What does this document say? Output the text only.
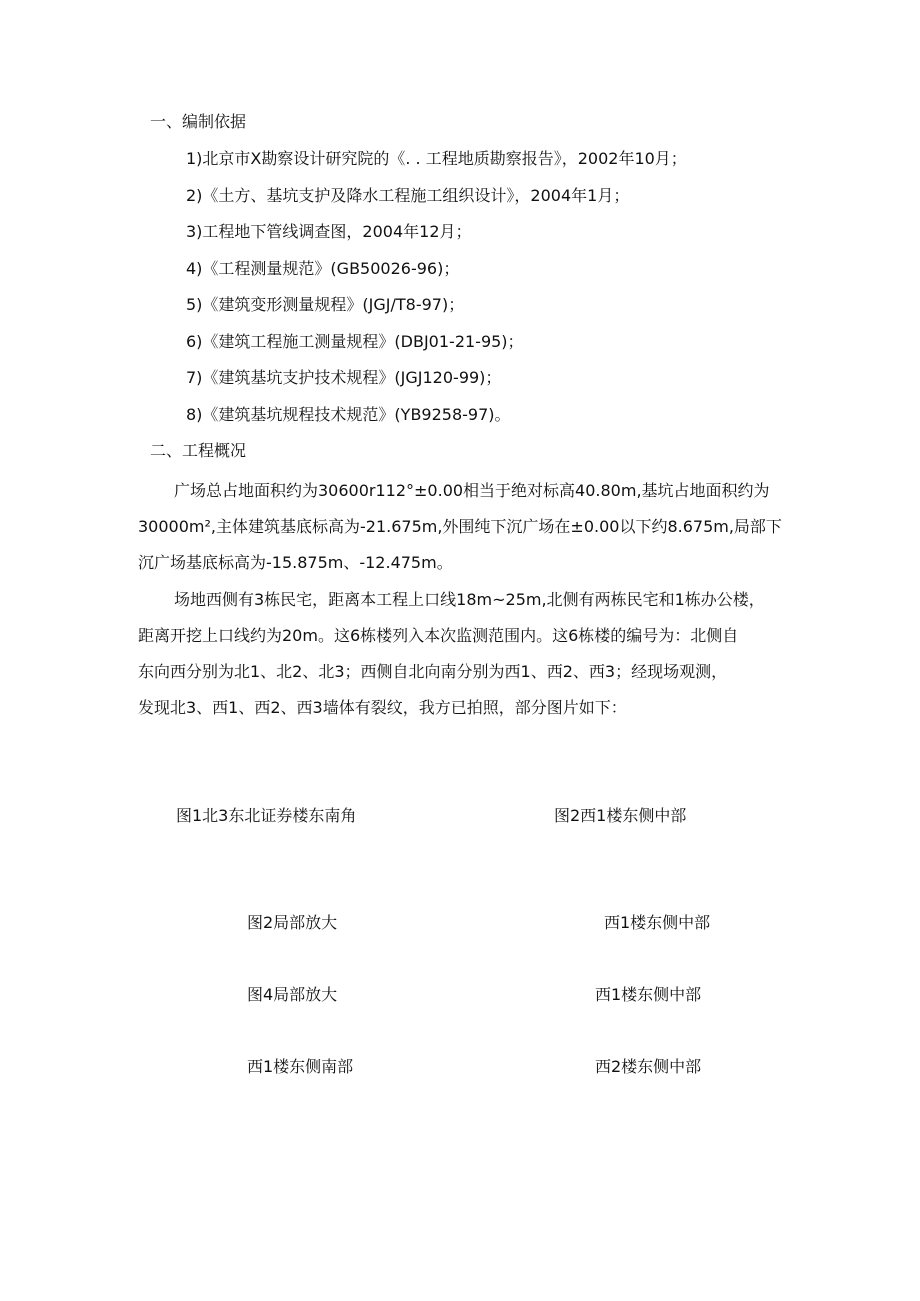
一、编制依据
1)北京市X勘察设计研究院的《. . 工程地质勘察报告》，2002年10月；
2)《土方、基坑支护及降水工程施工组织设计》，2004年1月；
3)工程地下管线调查图，2004年12月；
4)《工程测量规范》(GB50026-96)；
5)《建筑变形测量规程》(JGJ/T8-97)；
6)《建筑工程施工测量规程》(DBJ01-21-95)；
7)《建筑基坑支护技术规程》(JGJ120-99)；
8)《建筑基坑规程技术规范》(YB9258-97)。
二、工程概况
广场总占地面积约为30600r112°±0.00相当于绝对标高40.80m,基坑占地面积约为
30000m²,主体建筑基底标高为-21.675m,外围纯下沉广场在±0.00以下约8.675m,局部下
沉广场基底标高为-15.875m、-12.475m。
场地西侧有3栋民宅，距离本工程上口线18m~25m,北侧有两栋民宅和1栋办公楼，
距离开挖上口线约为20m。这6栋楼列入本次监测范围内。这6栋楼的编号为：北侧自
东向西分别为北1、北2、北3；西侧自北向南分别为西1、西2、西3；经现场观测，
发现北3、西1、西2、西3墙体有裂纹，我方已拍照，部分图片如下：
图1北3东北证券楼东南角	图2西1楼东侧中部
图2局部放大	西1楼东侧中部
图4局部放大	西1楼东侧中部
西1楼东侧南部	西2楼东侧中部
